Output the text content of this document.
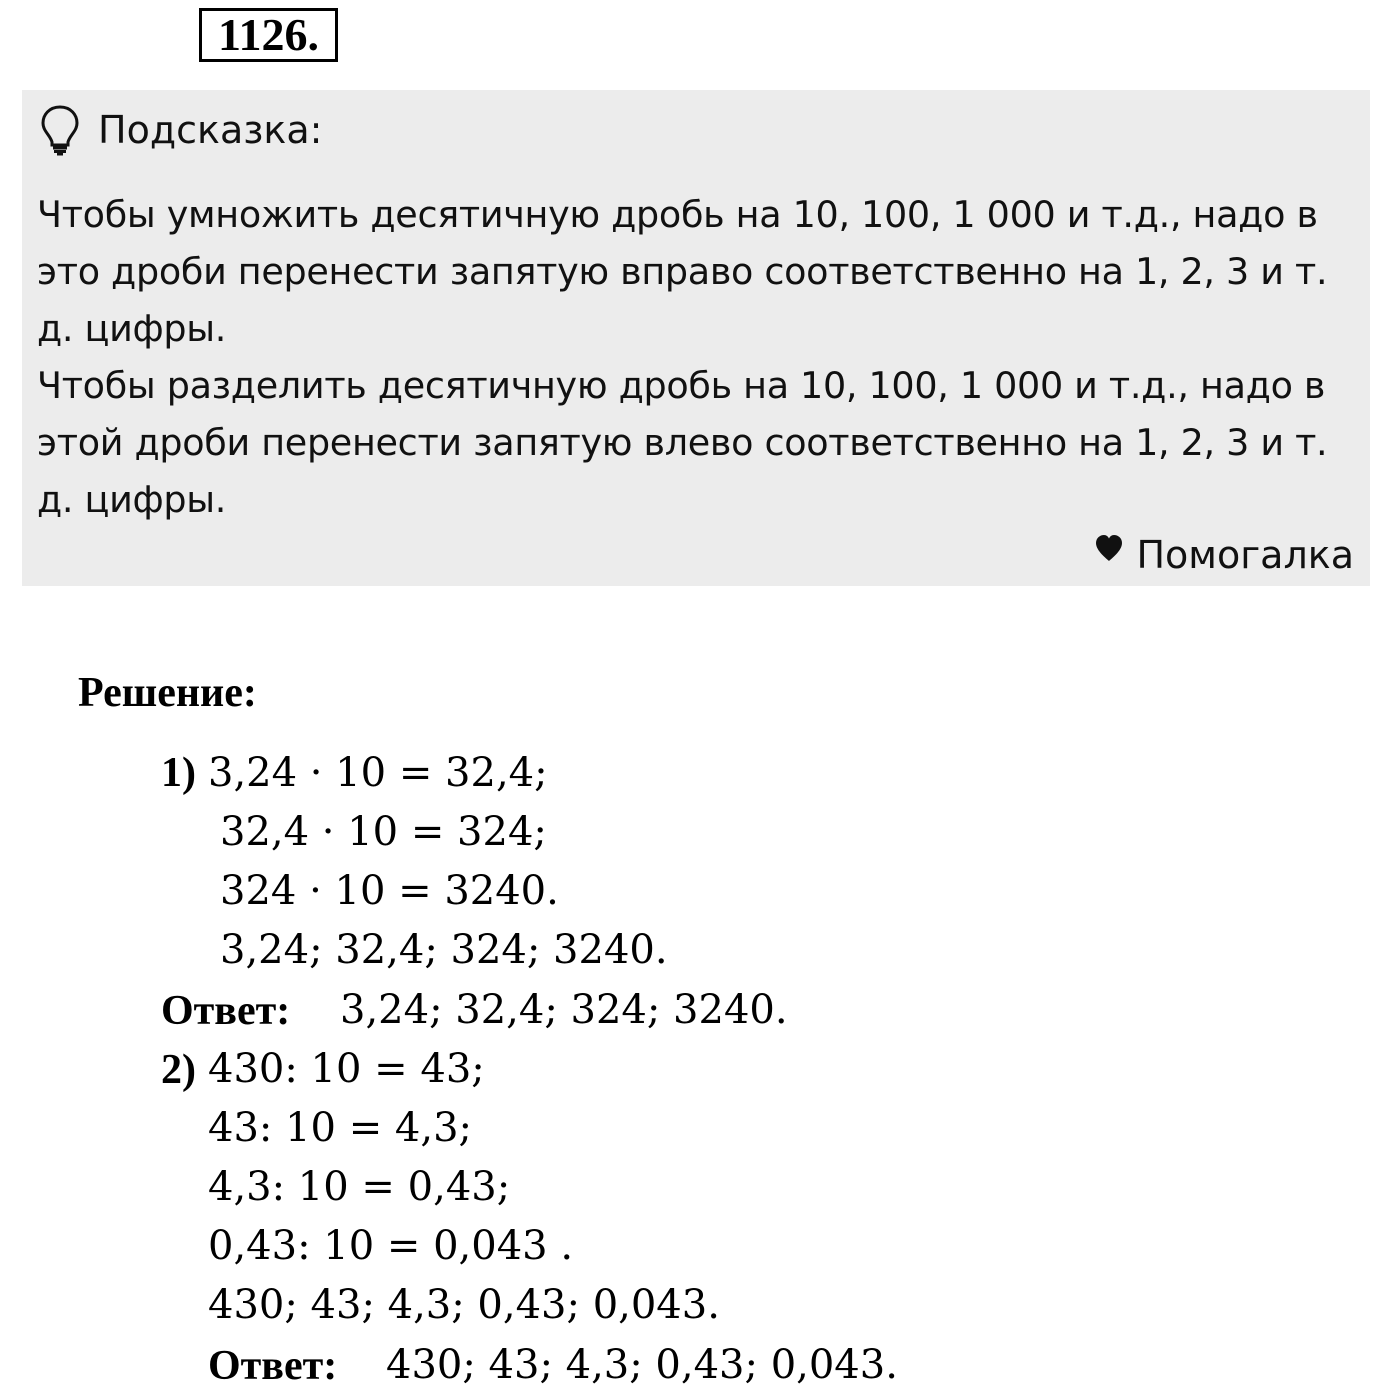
1126.
Подсказка:
Чтобы умножить десятичную дробь на 10, 100, 1 000 и т.д., надо в
это дроби перенести запятую вправо соответственно на 1, 2, 3 и т.
д. цифры.
Чтобы разделить десятичную дробь на 10, 100, 1 000 и т.д., надо в
этой дроби перенести запятую влево соответственно на 1, 2, 3 и т.
д. цифры.
Помогалка
Решение:
1) 3,24 · 10 = 32,4;
32,4 · 10 = 324;
324 · 10 = 3240.
3,24; 32,4; 324; 3240.
Ответ: 3,24; 32,4; 324; 3240.
2) 430: 10 = 43;
43: 10 = 4,3;
4,3: 10 = 0,43;
0,43: 10 = 0,043 .
430; 43; 4,3; 0,43; 0,043.
Ответ: 430; 43; 4,3; 0,43; 0,043.
